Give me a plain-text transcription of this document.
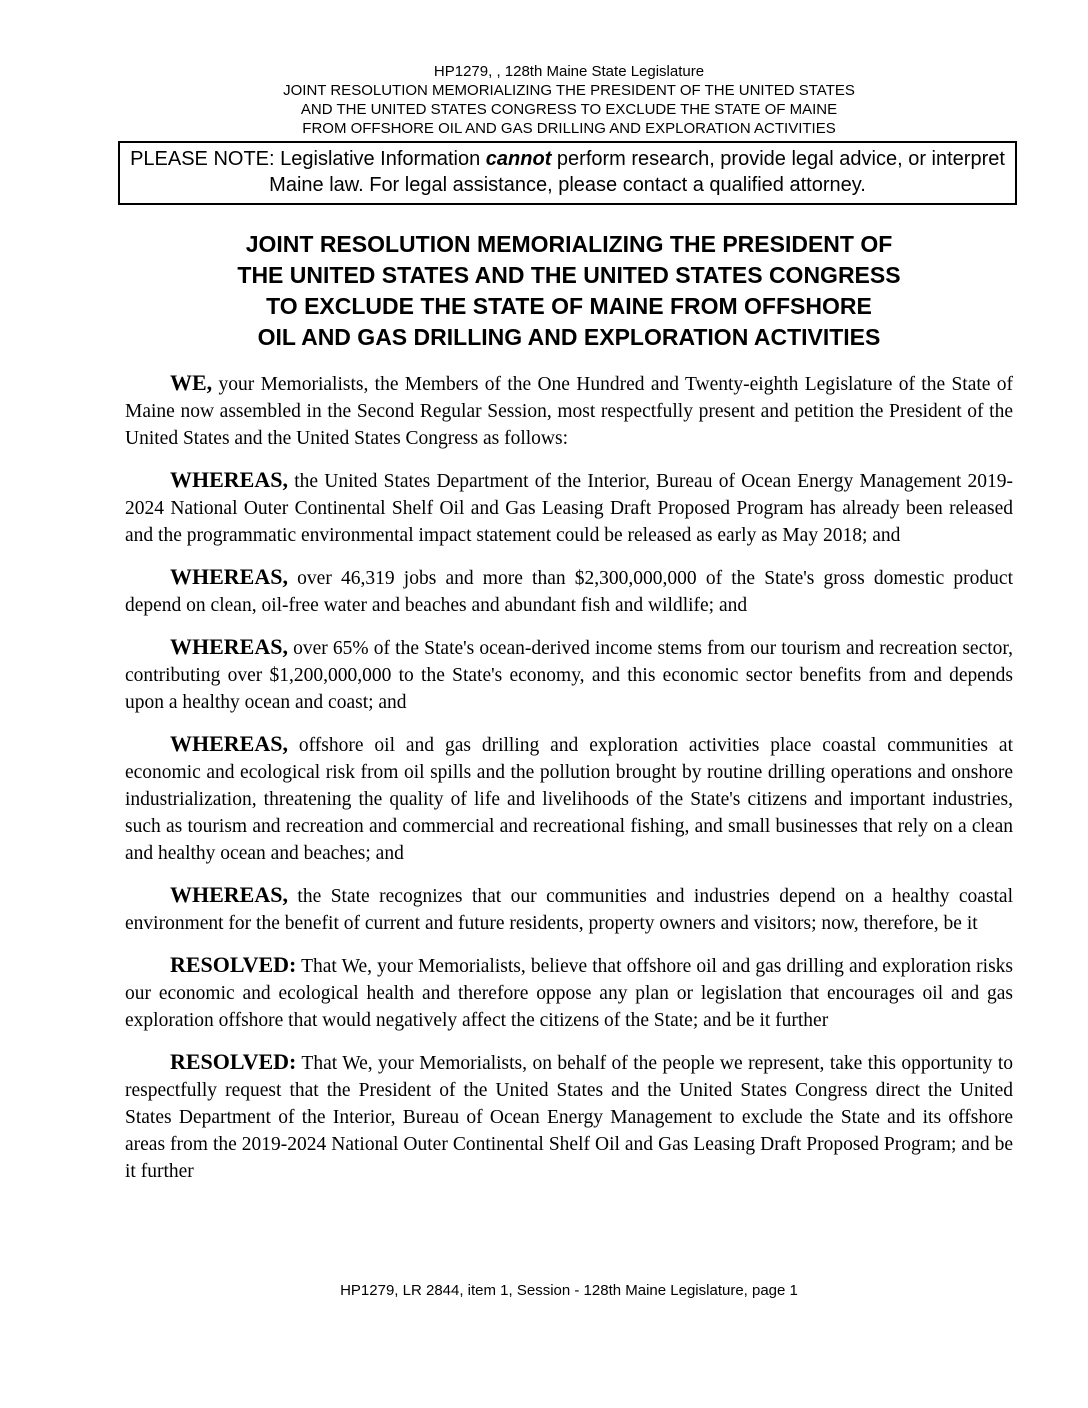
HP1279, , 128th Maine State Legislature
JOINT RESOLUTION MEMORIALIZING THE PRESIDENT OF THE UNITED STATES
AND THE UNITED STATES CONGRESS TO EXCLUDE THE STATE OF MAINE
FROM OFFSHORE OIL AND GAS DRILLING AND EXPLORATION ACTIVITIES
PLEASE NOTE: Legislative Information cannot perform research, provide legal advice, or interpret Maine law. For legal assistance, please contact a qualified attorney.
JOINT RESOLUTION MEMORIALIZING THE PRESIDENT OF
THE UNITED STATES AND THE UNITED STATES CONGRESS
TO EXCLUDE THE STATE OF MAINE FROM OFFSHORE
OIL AND GAS DRILLING AND EXPLORATION ACTIVITIES

WE, your Memorialists, the Members of the One Hundred and Twenty-eighth Legislature of the State of Maine now assembled in the Second Regular Session, most respectfully present and petition the President of the United States and the United States Congress as follows:

WHEREAS, the United States Department of the Interior, Bureau of Ocean Energy Management 2019-2024 National Outer Continental Shelf Oil and Gas Leasing Draft Proposed Program has already been released and the programmatic environmental impact statement could be released as early as May 2018; and

WHEREAS, over 46,319 jobs and more than $2,300,000,000 of the State's gross domestic product depend on clean, oil-free water and beaches and abundant fish and wildlife; and

WHEREAS, over 65% of the State's ocean-derived income stems from our tourism and recreation sector, contributing over $1,200,000,000 to the State's economy, and this economic sector benefits from and depends upon a healthy ocean and coast; and

WHEREAS, offshore oil and gas drilling and exploration activities place coastal communities at economic and ecological risk from oil spills and the pollution brought by routine drilling operations and onshore industrialization, threatening the quality of life and livelihoods of the State's citizens and important industries, such as tourism and recreation and commercial and recreational fishing, and small businesses that rely on a clean and healthy ocean and beaches; and

WHEREAS, the State recognizes that our communities and industries depend on a healthy coastal environment for the benefit of current and future residents, property owners and visitors; now, therefore, be it

RESOLVED: That We, your Memorialists, believe that offshore oil and gas drilling and exploration risks our economic and ecological health and therefore oppose any plan or legislation that encourages oil and gas exploration offshore that would negatively affect the citizens of the State; and be it further

RESOLVED: That We, your Memorialists, on behalf of the people we represent, take this opportunity to respectfully request that the President of the United States and the United States Congress direct the United States Department of the Interior, Bureau of Ocean Energy Management to exclude the State and its offshore areas from the 2019-2024 National Outer Continental Shelf Oil and Gas Leasing Draft Proposed Program; and be it further

HP1279, LR 2844, item 1, Session - 128th Maine Legislature, page 1
